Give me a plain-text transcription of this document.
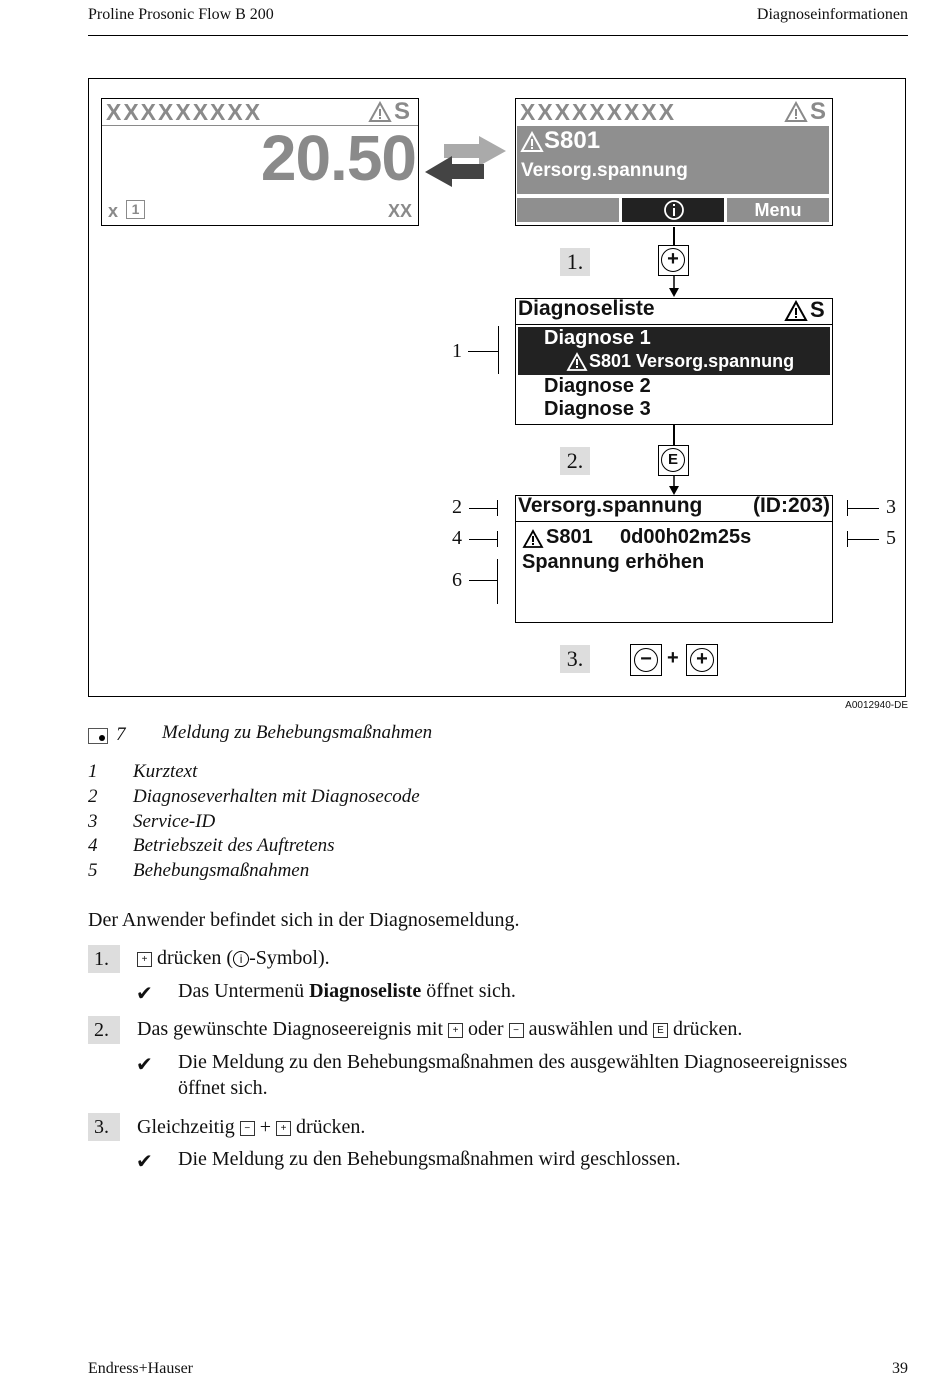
Proline Prosonic Flow B 200	Diagnoseinformationen
XXXXXXXXX	S
20.50
x 1	XX
XXXXXXXXX	S
S801
Versorg.spannung
Menu
1.	+
Diagnoseliste	S
Diagnose 1
S801 Versorg.spannung
Diagnose 2
Diagnose 3
1
2.	E
Versorg.spannung (ID:203)
S801 0d00h02m25s
Spannung erhöhen
2	3
4	5
6
3.	− + +
A0012940-DE
7 Meldung zu Behebungsmaßnahmen
1 Kurztext
2 Diagnoseverhalten mit Diagnosecode
3 Service-ID
4 Betriebszeit des Auftretens
5 Behebungsmaßnahmen
Der Anwender befindet sich in der Diagnosemeldung.
1.	+ drücken ( i -Symbol).
✔ Das Untermenü Diagnoseliste öffnet sich.
2.	Das gewünschte Diagnoseereignis mit + oder − auswählen und E drücken.
✔ Die Meldung zu den Behebungsmaßnahmen des ausgewählten Diagnoseereignisses
öffnet sich.
3.	Gleichzeitig − + + drücken.
✔ Die Meldung zu den Behebungsmaßnahmen wird geschlossen.
Endress+Hauser	39
